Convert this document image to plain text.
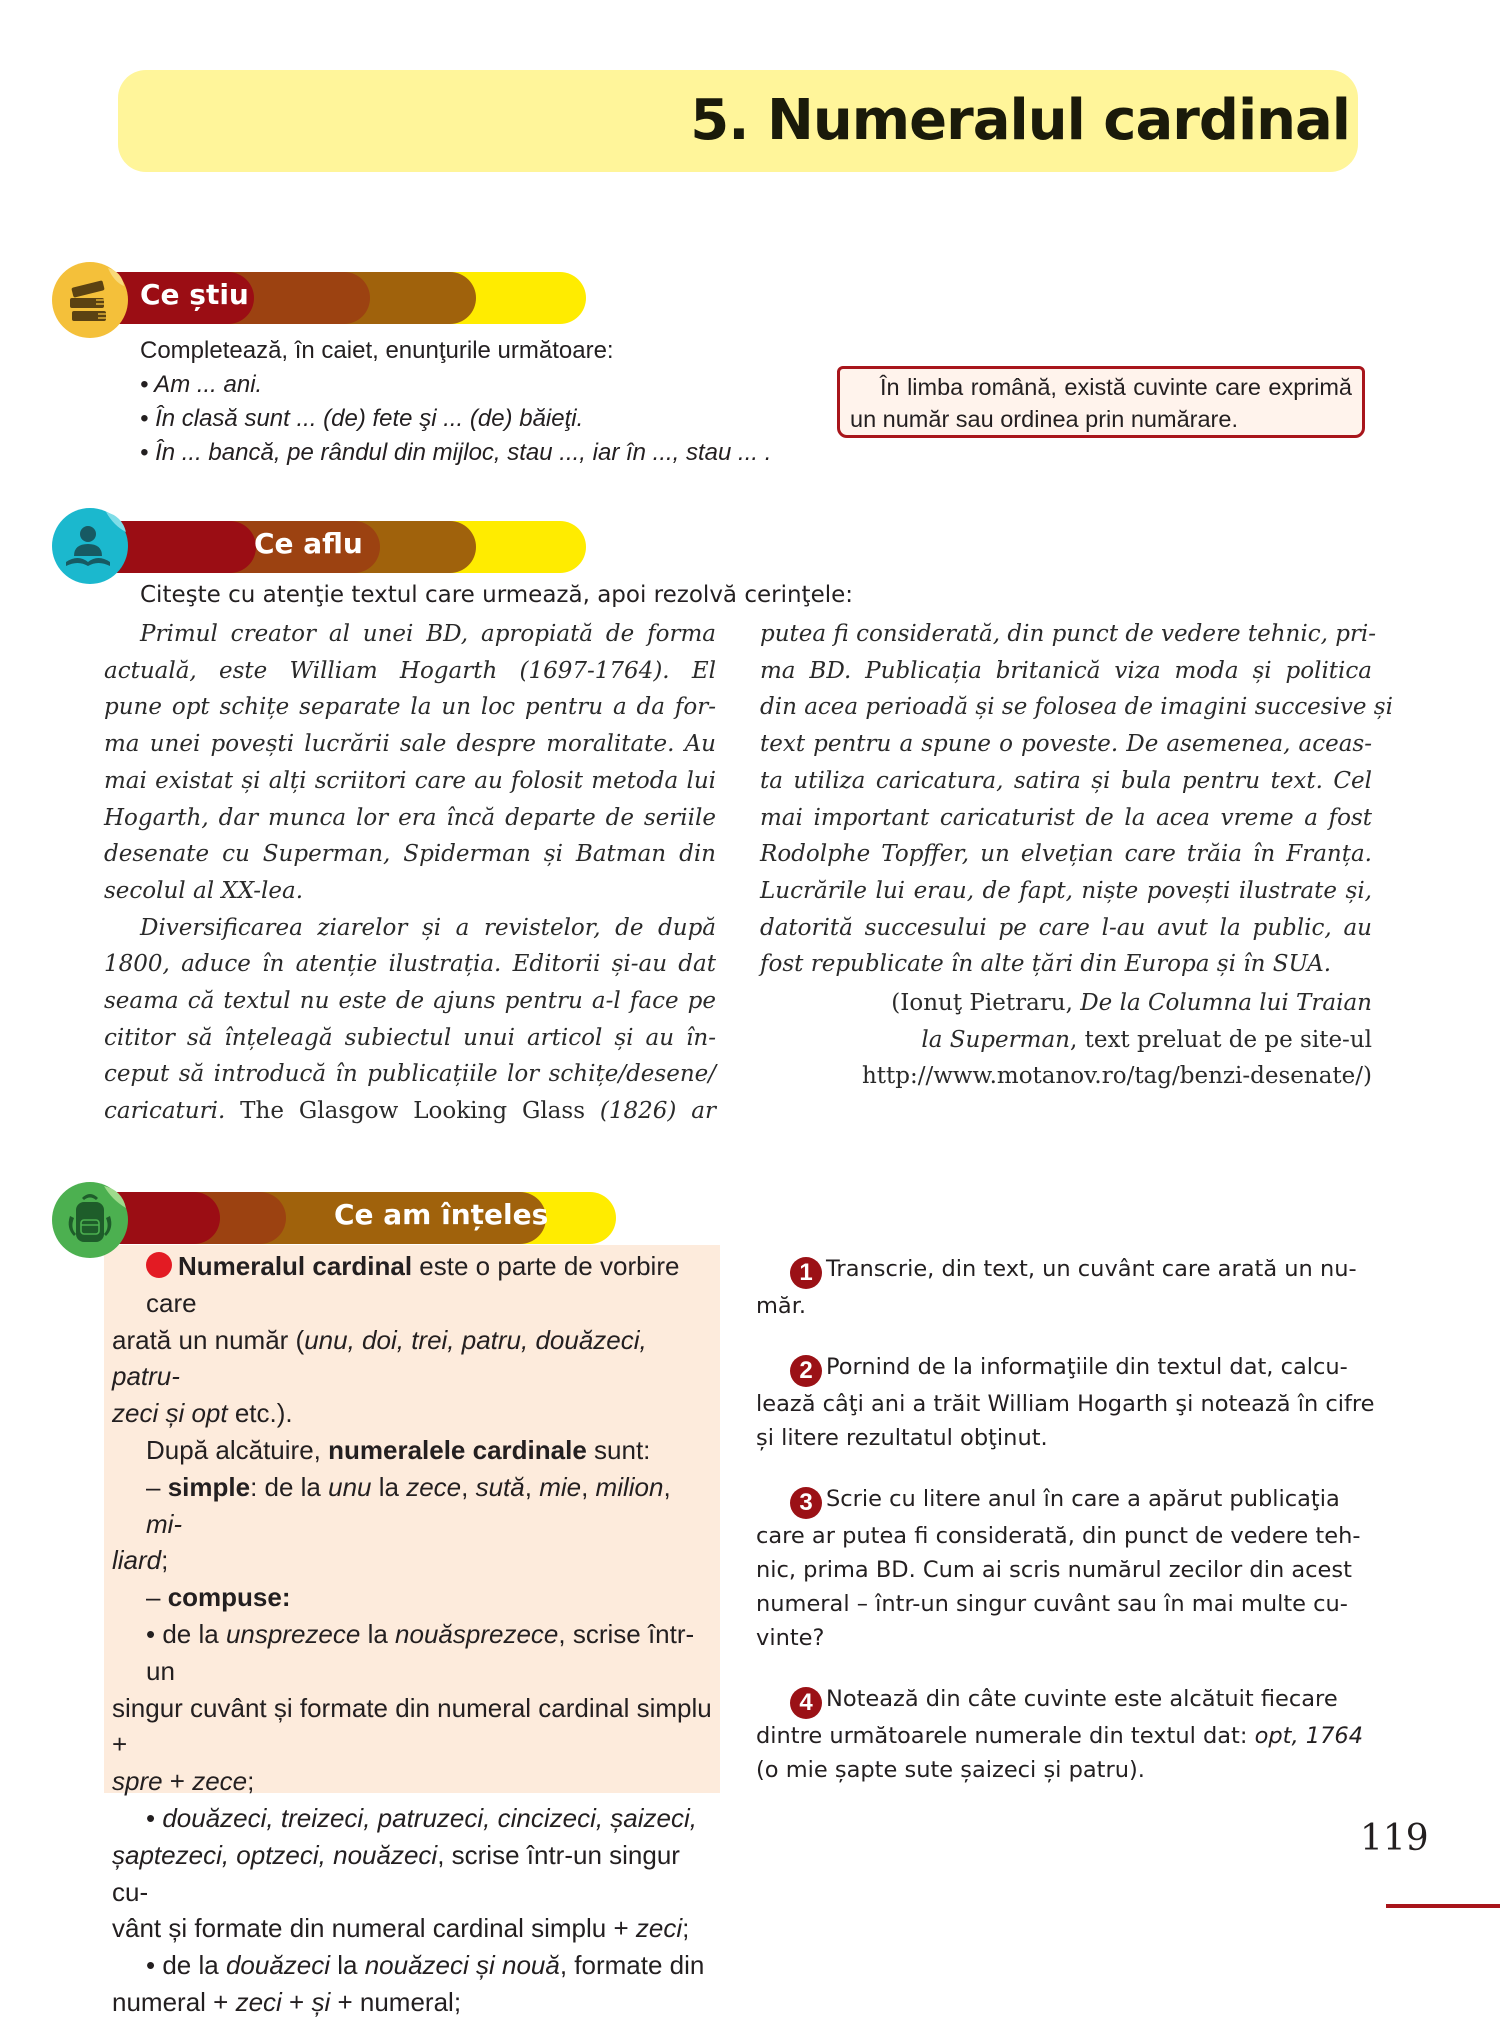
5. Numeralul cardinal
Ce știu
Completează, în caiet, enunţurile următoare:
• Am ... ani.
• În clasă sunt ... (de) fete şi ... (de) băieţi.
• În ... bancă, pe rândul din mijloc, stau ..., iar în ..., stau ... .
În limba română, există cuvinte care exprimă un număr sau ordinea prin numărare.
Ce aflu
Citeşte cu atenţie textul care urmează, apoi rezolvă cerinţele:
Primul creator al unei BD, apropiată de forma
actuală, este William Hogarth (1697-1764). El
pune opt schițe separate la un loc pentru a da for-
ma unei povești lucrării sale despre moralitate. Au
mai existat și alți scriitori care au folosit metoda lui
Hogarth, dar munca lor era încă departe de seriile
desenate cu Superman, Spiderman și Batman din
secolul al XX-lea.
Diversificarea ziarelor și a revistelor, de după
1800, aduce în atenție ilustrația. Editorii și-au dat
seama că textul nu este de ajuns pentru a-l face pe
cititor să înțeleagă subiectul unui articol și au în-
ceput să introducă în publicațiile lor schițe/desene/
caricaturi. The Glasgow Looking Glass (1826) ar
putea fi considerată, din punct de vedere tehnic, pri-
ma BD. Publicația britanică viza moda și politica
din acea perioadă și se folosea de imagini succesive și
text pentru a spune o poveste. De asemenea, aceas-
ta utiliza caricatura, satira și bula pentru text. Cel
mai important caricaturist de la acea vreme a fost
Rodolphe Topffer, un elvețian care trăia în Franța.
Lucrările lui erau, de fapt, niște povești ilustrate și,
datorită succesului pe care l-au avut la public, au
fost republicate în alte țări din Europa și în SUA.
(Ionuţ Pietraru, De la Columna lui Traian
la Superman, text preluat de pe site-ul
http://www.motanov.ro/tag/benzi-desenate/)
Ce am înțeles
Numeralul cardinal este o parte de vorbire care
arată un număr (unu, doi, trei, patru, douăzeci, patru-
zeci și opt etc.).
După alcătuire, numeralele cardinale sunt:
– simple: de la unu la zece, sută, mie, milion, mi-
liard;
– compuse:
• de la unsprezece la nouăsprezece, scrise într-un
singur cuvânt și formate din numeral cardinal simplu +
spre + zece;
• douăzeci, treizeci, patruzeci, cincizeci, șaizeci,
șaptezeci, optzeci, nouăzeci, scrise într-un singur cu-
vânt și formate din numeral cardinal simplu + zeci;
• de la douăzeci la nouăzeci și nouă, formate din
numeral + zeci + și + numeral;
1 Transcrie, din text, un cuvânt care arată un nu-
măr.
2 Pornind de la informaţiile din textul dat, calcu-
lează câţi ani a trăit William Hogarth şi notează în cifre
și litere rezultatul obţinut.
3 Scrie cu litere anul în care a apărut publicaţia
care ar putea fi considerată, din punct de vedere teh-
nic, prima BD. Cum ai scris numărul zecilor din acest
numeral – într-un singur cuvânt sau în mai multe cu-
vinte?
4 Notează din câte cuvinte este alcătuit fiecare
dintre următoarele numerale din textul dat: opt, 1764
(o mie șapte sute șaizeci și patru).
119
